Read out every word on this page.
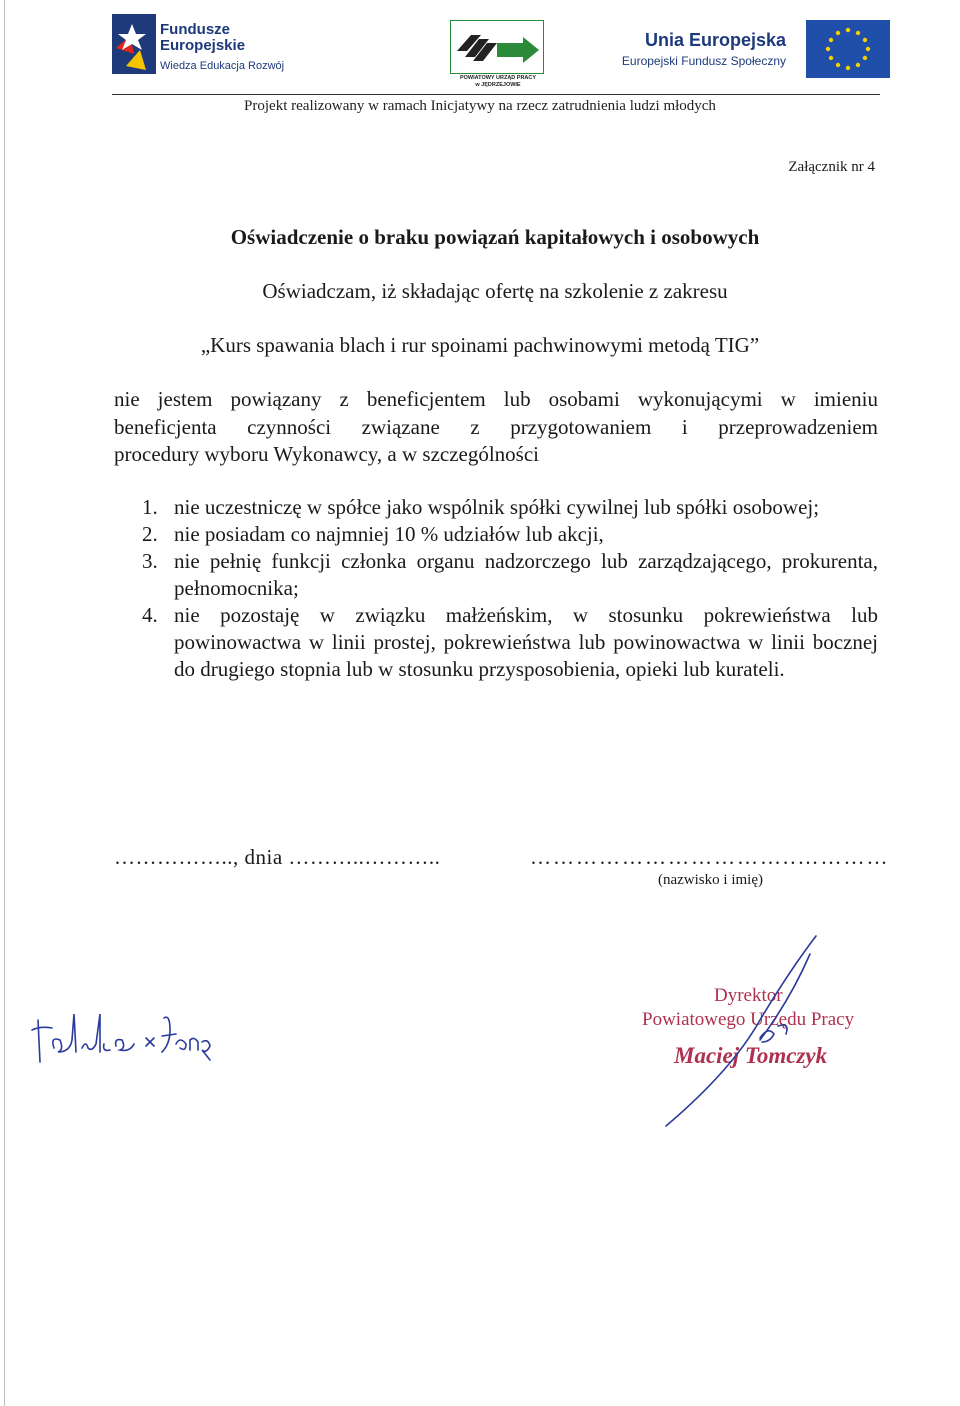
Fundusze
Europejskie
Wiedza Edukacja Rozwój
POWIATOWY URZĄD PRACY
w JĘDRZEJOWIE
Unia Europejska
Europejski Fundusz Społeczny
Projekt realizowany w ramach Inicjatywy na rzecz zatrudnienia ludzi młodych
Załącznik nr 4
Oświadczenie o braku powiązań kapitałowych i osobowych
Oświadczam, iż składając ofertę na szkolenie z zakresu
„Kurs spawania blach i rur spoinami pachwinowymi metodą TIG”
nie jestem powiązany z beneficjentem lub osobami wykonującymi w imieniu
beneficjenta czynności związane z przygotowaniem i przeprowadzeniem
procedury wyboru Wykonawcy, a w szczególności
1. nie uczestniczę w spółce jako wspólnik spółki cywilnej lub spółki osobowej;
2. nie posiadam co najmniej 10 % udziałów lub akcji,
3. nie pełnię funkcji członka organu nadzorczego lub zarządzającego, prokurenta, pełnomocnika;
4. nie pozostaję w związku małżeńskim, w stosunku pokrewieństwa lub powinowactwa w linii prostej, pokrewieństwa lub powinowactwa w linii bocznej do drugiego stopnia lub w stosunku przysposobienia, opieki lub kurateli.
…………….., dnia ………..………..	……………………………..…………
(nazwisko i imię)
Dyrektor
Powiatowego Urzędu Pracy
Maciej Tomczyk
